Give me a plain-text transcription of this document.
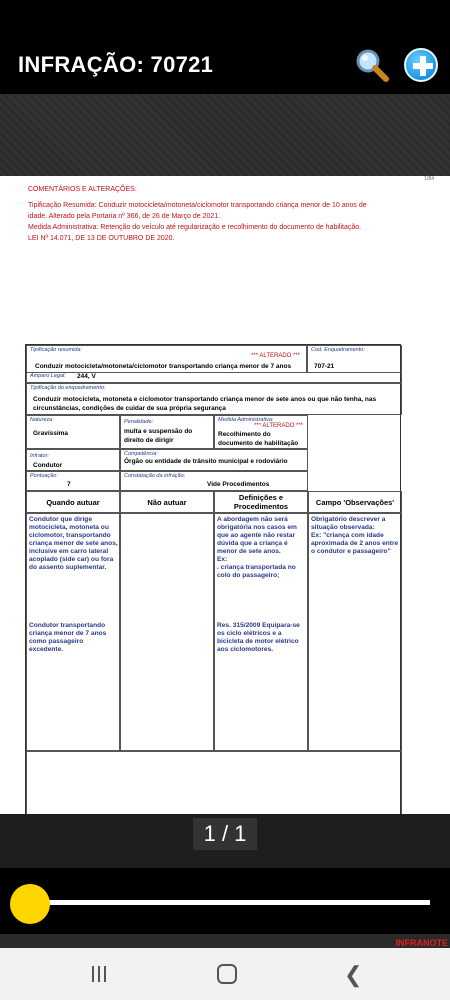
INFRAÇÃO: 70721
1/84
COMENTÁRIOS E ALTERAÇÕES:
Tipificação Resumida: Conduzir motocicleta/motoneta/ciclomotor transportando criança menor de 10 anos de
idade. Alterado pela Portaria nº 366, de 26 de Março de 2021.
Medida Administrativa: Retenção do veículo até regularização e recolhimento do documento de habilitação.
LEI Nº 14.071, DE 13 DE OUTUBRO DE 2020.
Tipificação resumida:
*** ALTERADO ***
Conduzir motocicleta/motoneta/ciclomotor transportando criança menor de 7 anos
Cod. Enquadramento:
707-21
Amparo Legal: 244, V
Tipificação do enquadramento:
Conduzir motocicleta, motoneta e ciclomotor transportando criança menor de sete anos ou que não tenha, nas
circunstâncias, condições de cuidar de sua própria segurança
Natureza:
Gravíssima
Penalidade:
multa e suspensão do
direito de dirigir
Medida Administrativa:
*** ALTERADO ***
Recolhimento do
documento de habilitação
Infrator:
Condutor
Competência:
Órgão ou entidade de trânsito municipal e rodoviário
Pontuação:
7
Constatação da infração:
Vide Procedimentos
Quando autuar	Não autuar
Definições e
Procedimentos	Campo 'Observações'
Condutor que dirige
motocicleta, motoneta ou
ciclomotor, transportando
criança menor de sete anos,
inclusive em carro lateral
acoplado (side car) ou fora
do assento suplementar.
Condutor transportando
criança menor de 7 anos
como passageiro
excedente.
A abordagem não será
obrigatória nos casos em
que ao agente não restar
dúvida que a criança é
menor de sete anos.
Ex:
. criança transportada no
colo do passageiro;
Res. 315/2009 Equipara-se
os ciclo elétricos e a
bicicleta de motor elétrico
aos ciclomotores.
Obrigatório descrever a
situação observada:
Ex: "criança com idade
aproximada de 2 anos entre
o condutor e passageiro"
1 / 1
INFRANOTE
❮
